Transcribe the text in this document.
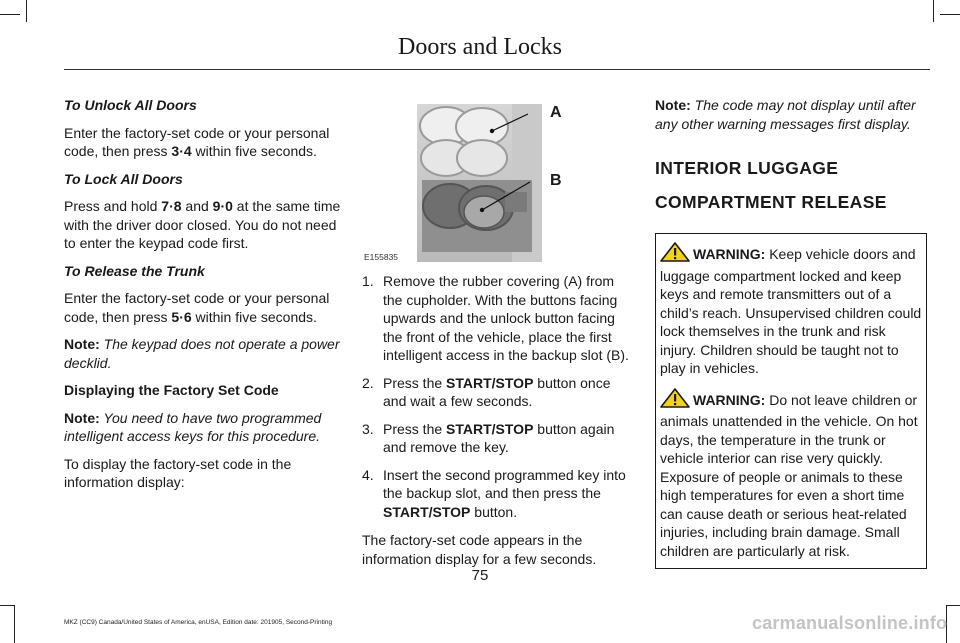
Doors and Locks

To Unlock All Doors

Enter the factory-set code or your personal code, then press 3·4 within five seconds.

To Lock All Doors

Press and hold 7·8 and 9·0 at the same time with the driver door closed. You do not need to enter the keypad code first.

To Release the Trunk

Enter the factory-set code or your personal code, then press 5·6 within five seconds.

Note: The keypad does not operate a power decklid.

Displaying the Factory Set Code

Note: You need to have two programmed intelligent access keys for this procedure.

To display the factory-set code in the information display:

A
B
E155835
1. Remove the rubber covering (A) from the cupholder. With the buttons facing upwards and the unlock button facing the front of the vehicle, place the first intelligent access in the backup slot (B).
2. Press the START/STOP button once and wait a few seconds.
3. Press the START/STOP button again and remove the key.
4. Insert the second programmed key into the backup slot, and then press the START/STOP button.

The factory-set code appears in the information display for a few seconds.

Note: The code may not display until after any other warning messages first display.

INTERIOR LUGGAGE

COMPARTMENT RELEASE

WARNING: Keep vehicle doors and luggage compartment locked and keep keys and remote transmitters out of a child’s reach. Unsupervised children could lock themselves in the trunk and risk injury. Children should be taught not to play in vehicles.

WARNING: Do not leave children or animals unattended in the vehicle. On hot days, the temperature in the trunk or vehicle interior can rise very quickly. Exposure of people or animals to these high temperatures for even a short time can cause death or serious heat-related injuries, including brain damage. Small children are particularly at risk.

75
MKZ (CC9) Canada/United States of America, enUSA, Edition date: 201905, Second-Printing	carmanualsonline.info
